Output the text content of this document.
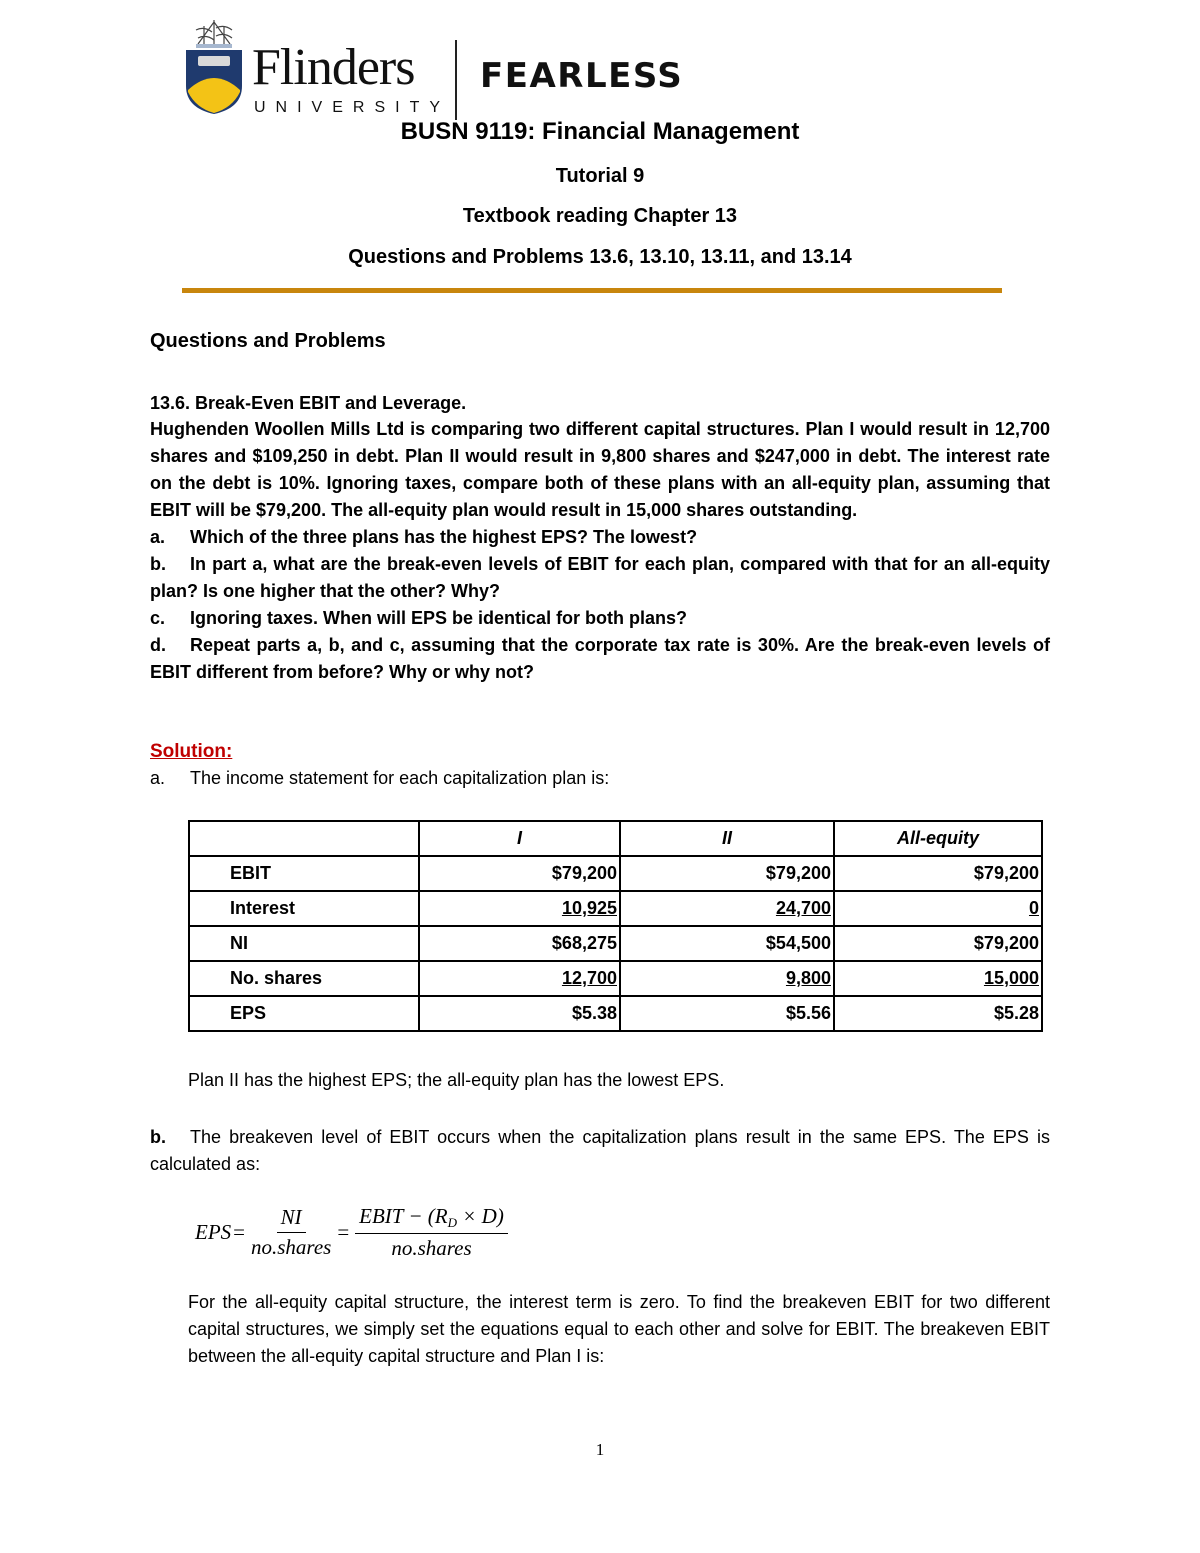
Flinders
UNIVERSITY
FEARLESS
BUSN 9119: Financial Management
Tutorial 9
Textbook reading Chapter 13
Questions and Problems 13.6, 13.10, 13.11, and 13.14
Questions and Problems
13.6. Break-Even EBIT and Leverage.
Hughenden Woollen Mills Ltd is comparing two different capital structures. Plan I would result in 12,700 shares and $109,250 in debt. Plan II would result in 9,800 shares and $247,000 in debt. The interest rate on the debt is 10%. Ignoring taxes, compare both of these plans with an all-equity plan, assuming that EBIT will be $79,200. The all-equity plan would result in 15,000 shares outstanding.
a.	Which of the three plans has the highest EPS? The lowest?
b. In part a, what are the break-even levels of EBIT for each plan, compared with that for an all-equity plan? Is one higher that the other? Why?
c.	Ignoring taxes. When will EPS be identical for both plans?
d. Repeat parts a, b, and c, assuming that the corporate tax rate is 30%. Are the break-even levels of EBIT different from before? Why or why not?
Solution:
a.	The income statement for each capitalization plan is:
	I	II	All-equity
EBIT	$79,200	$79,200	$79,200
Interest	10,925	24,700	0
NI	$68,275	$54,500	$79,200
No. shares	12,700	9,800	15,000
EPS	$5.38	$5.56	$5.28
Plan II has the highest EPS; the all-equity plan has the lowest EPS.
b. The breakeven level of EBIT occurs when the capitalization plans result in the same EPS. The EPS is calculated as:
EPS = $\frac{NI}{\text{no.shares}} = \frac{EBIT - (R_D \times D)}{\text{no.shares}}$
For the all-equity capital structure, the interest term is zero. To find the breakeven EBIT for two different capital structures, we simply set the equations equal to each other and solve for EBIT. The breakeven EBIT between the all-equity capital structure and Plan I is:
1
